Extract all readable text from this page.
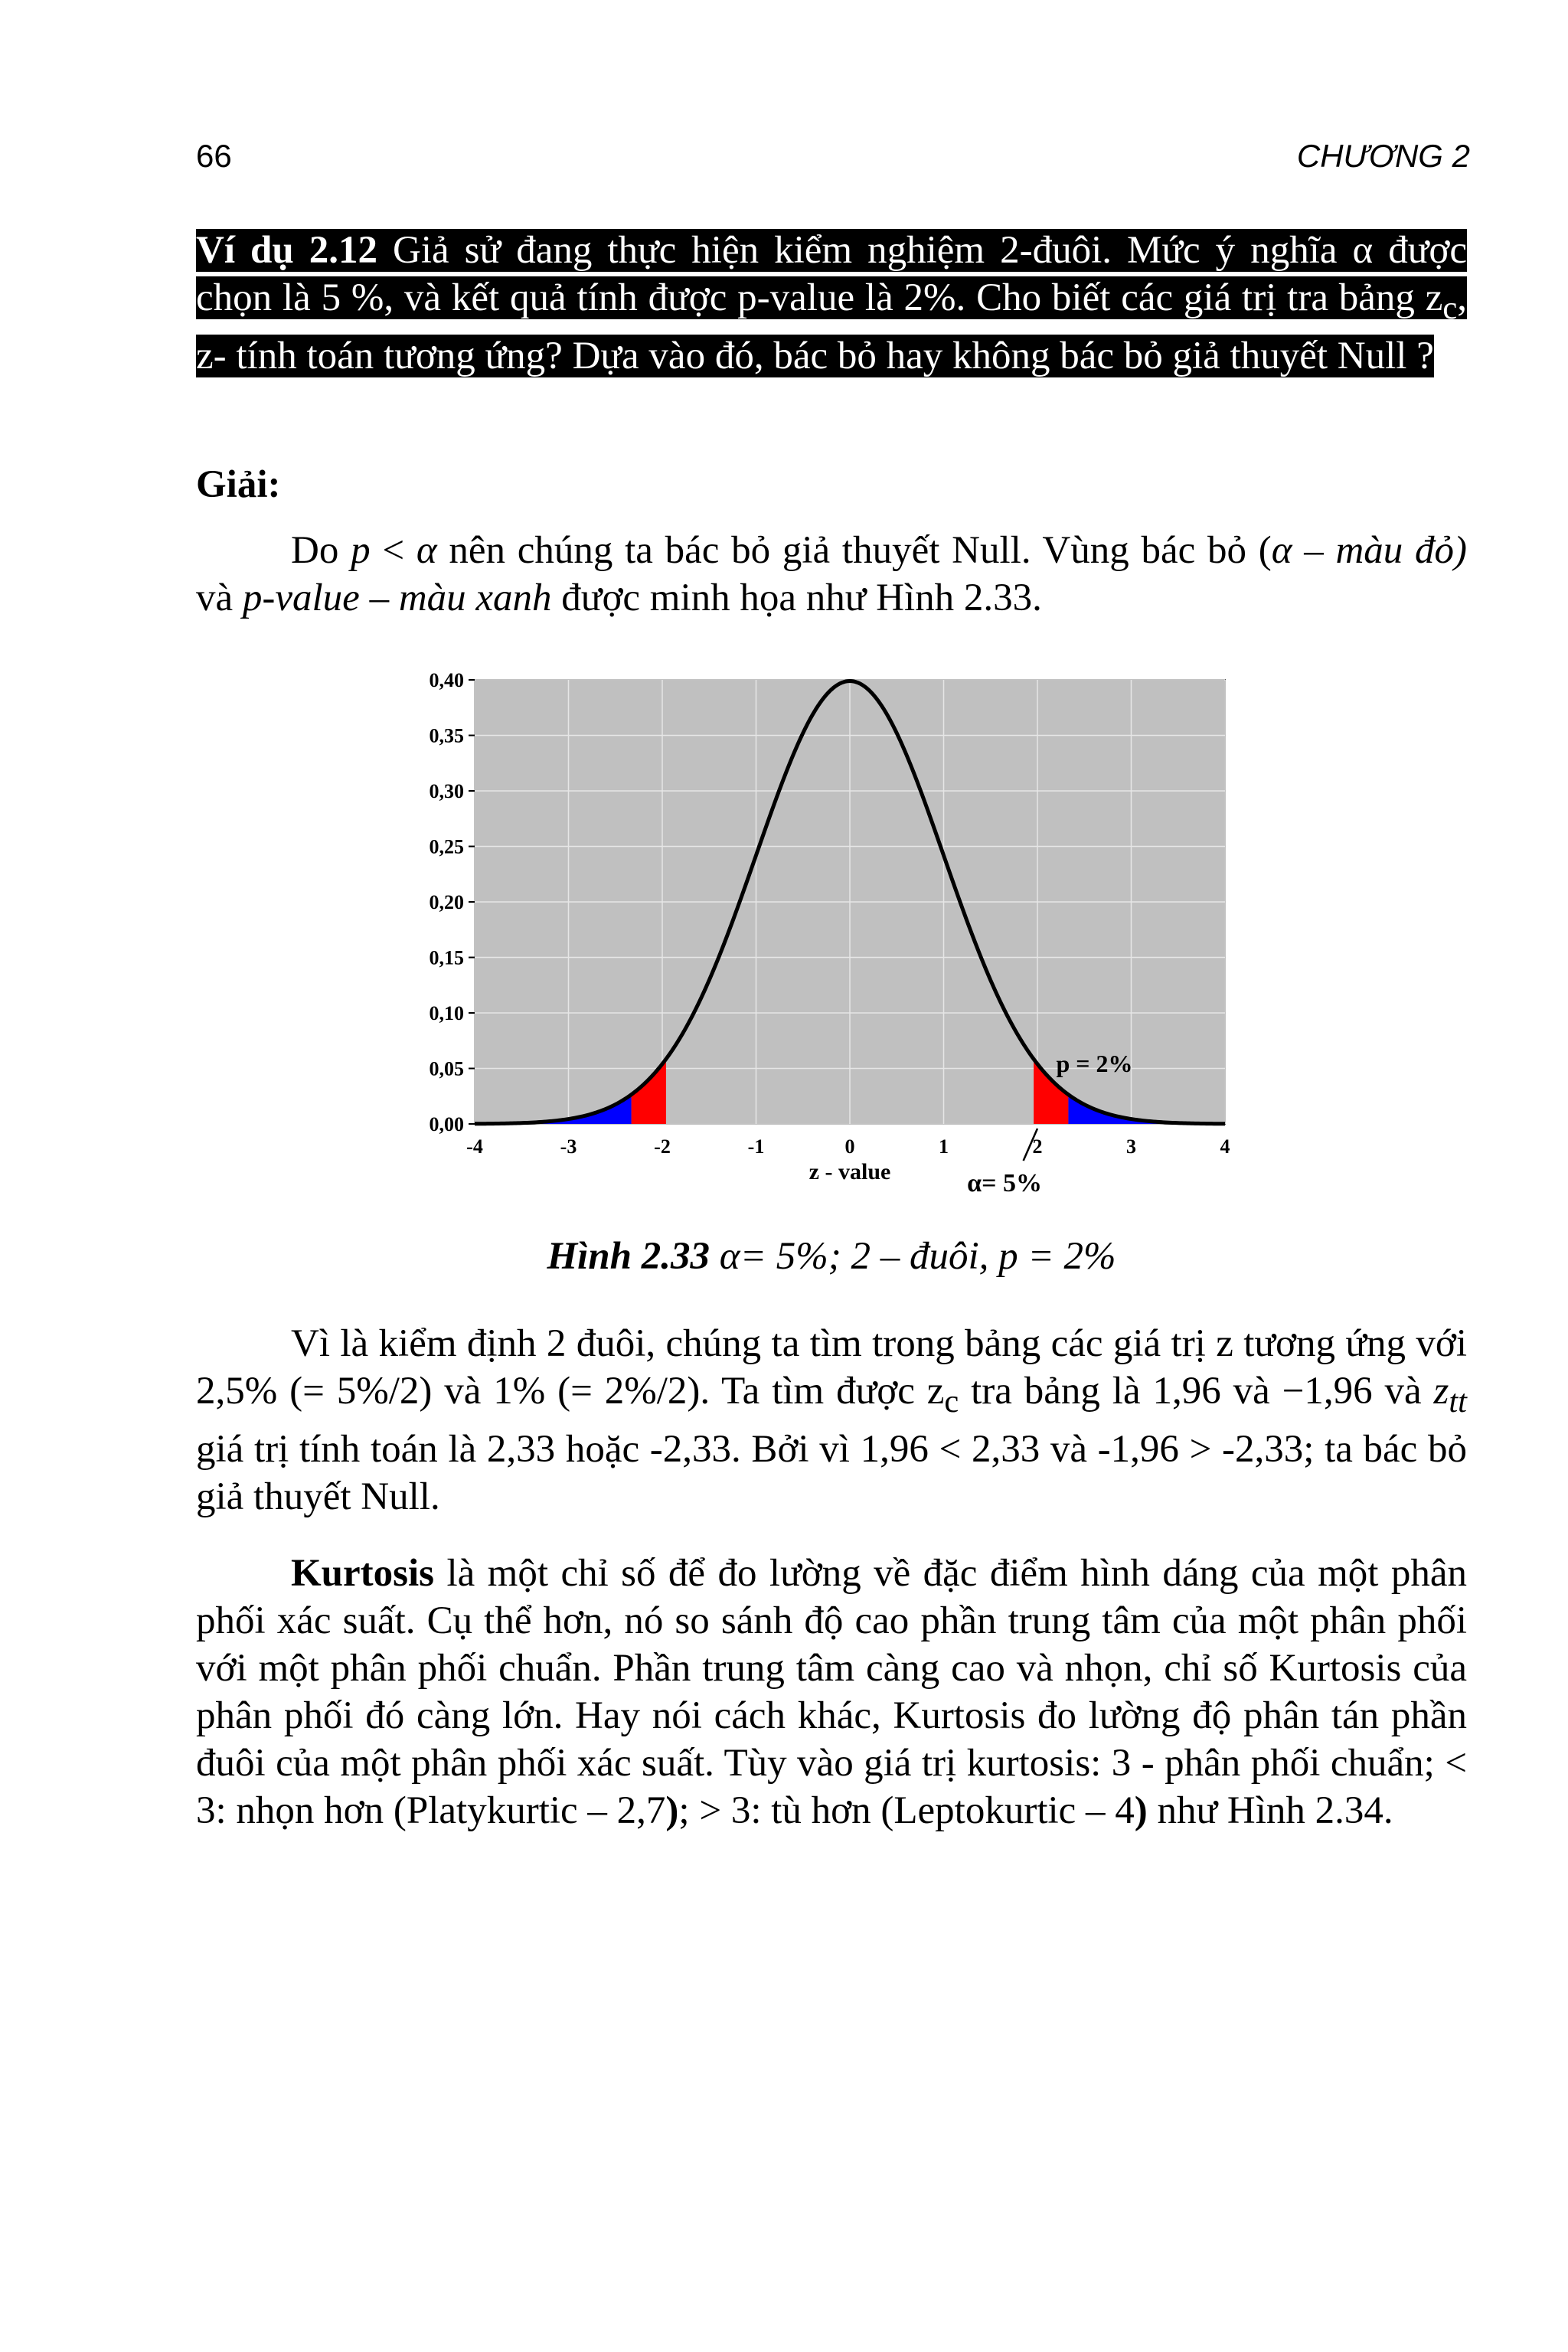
66	CHƯƠNG 2
Ví dụ 2.12 Giả sử đang thực hiện kiểm nghiệm 2-đuôi. Mức ý nghĩa α được chọn là 5 %, và kết quả tính được p-value là 2%. Cho biết các giá trị tra bảng $z_c$, z- tính toán tương ứng? Dựa vào đó, bác bỏ hay không bác bỏ giả thuyết Null ?
Giải:
Do p < α nên chúng ta bác bỏ giả thuyết Null. Vùng bác bỏ (α – màu đỏ) và p-value – màu xanh được minh họa như Hình 2.33.
0,00
0,05
0,10
0,15
0,20
0,25
0,30
0,35
0,40
-4	-3	-2	-1	0	1	2	3	4
z - value
p = 2%
α= 5%
Hình 2.33 α= 5%; 2 – đuôi, p = 2%
Vì là kiểm định 2 đuôi, chúng ta tìm trong bảng các giá trị z tương ứng với 2,5% (= 5%/2) và 1% (= 2%/2). Ta tìm được $z_c$ tra bảng là 1,96 và −1,96 và $z_{tt}$ giá trị tính toán là 2,33 hoặc -2,33. Bởi vì 1,96 < 2,33 và -1,96 > -2,33; ta bác bỏ giả thuyết Null.
Kurtosis là một chỉ số để đo lường về đặc điểm hình dáng của một phân phối xác suất. Cụ thể hơn, nó so sánh độ cao phần trung tâm của một phân phối với một phân phối chuẩn. Phần trung tâm càng cao và nhọn, chỉ số Kurtosis của phân phối đó càng lớn. Hay nói cách khác, Kurtosis đo lường độ phân tán phần đuôi của một phân phối xác suất. Tùy vào giá trị kurtosis: 3 - phân phối chuẩn; < 3: nhọn hơn (Platykurtic – 2,7); > 3: tù hơn (Leptokurtic – 4) như Hình 2.34.
